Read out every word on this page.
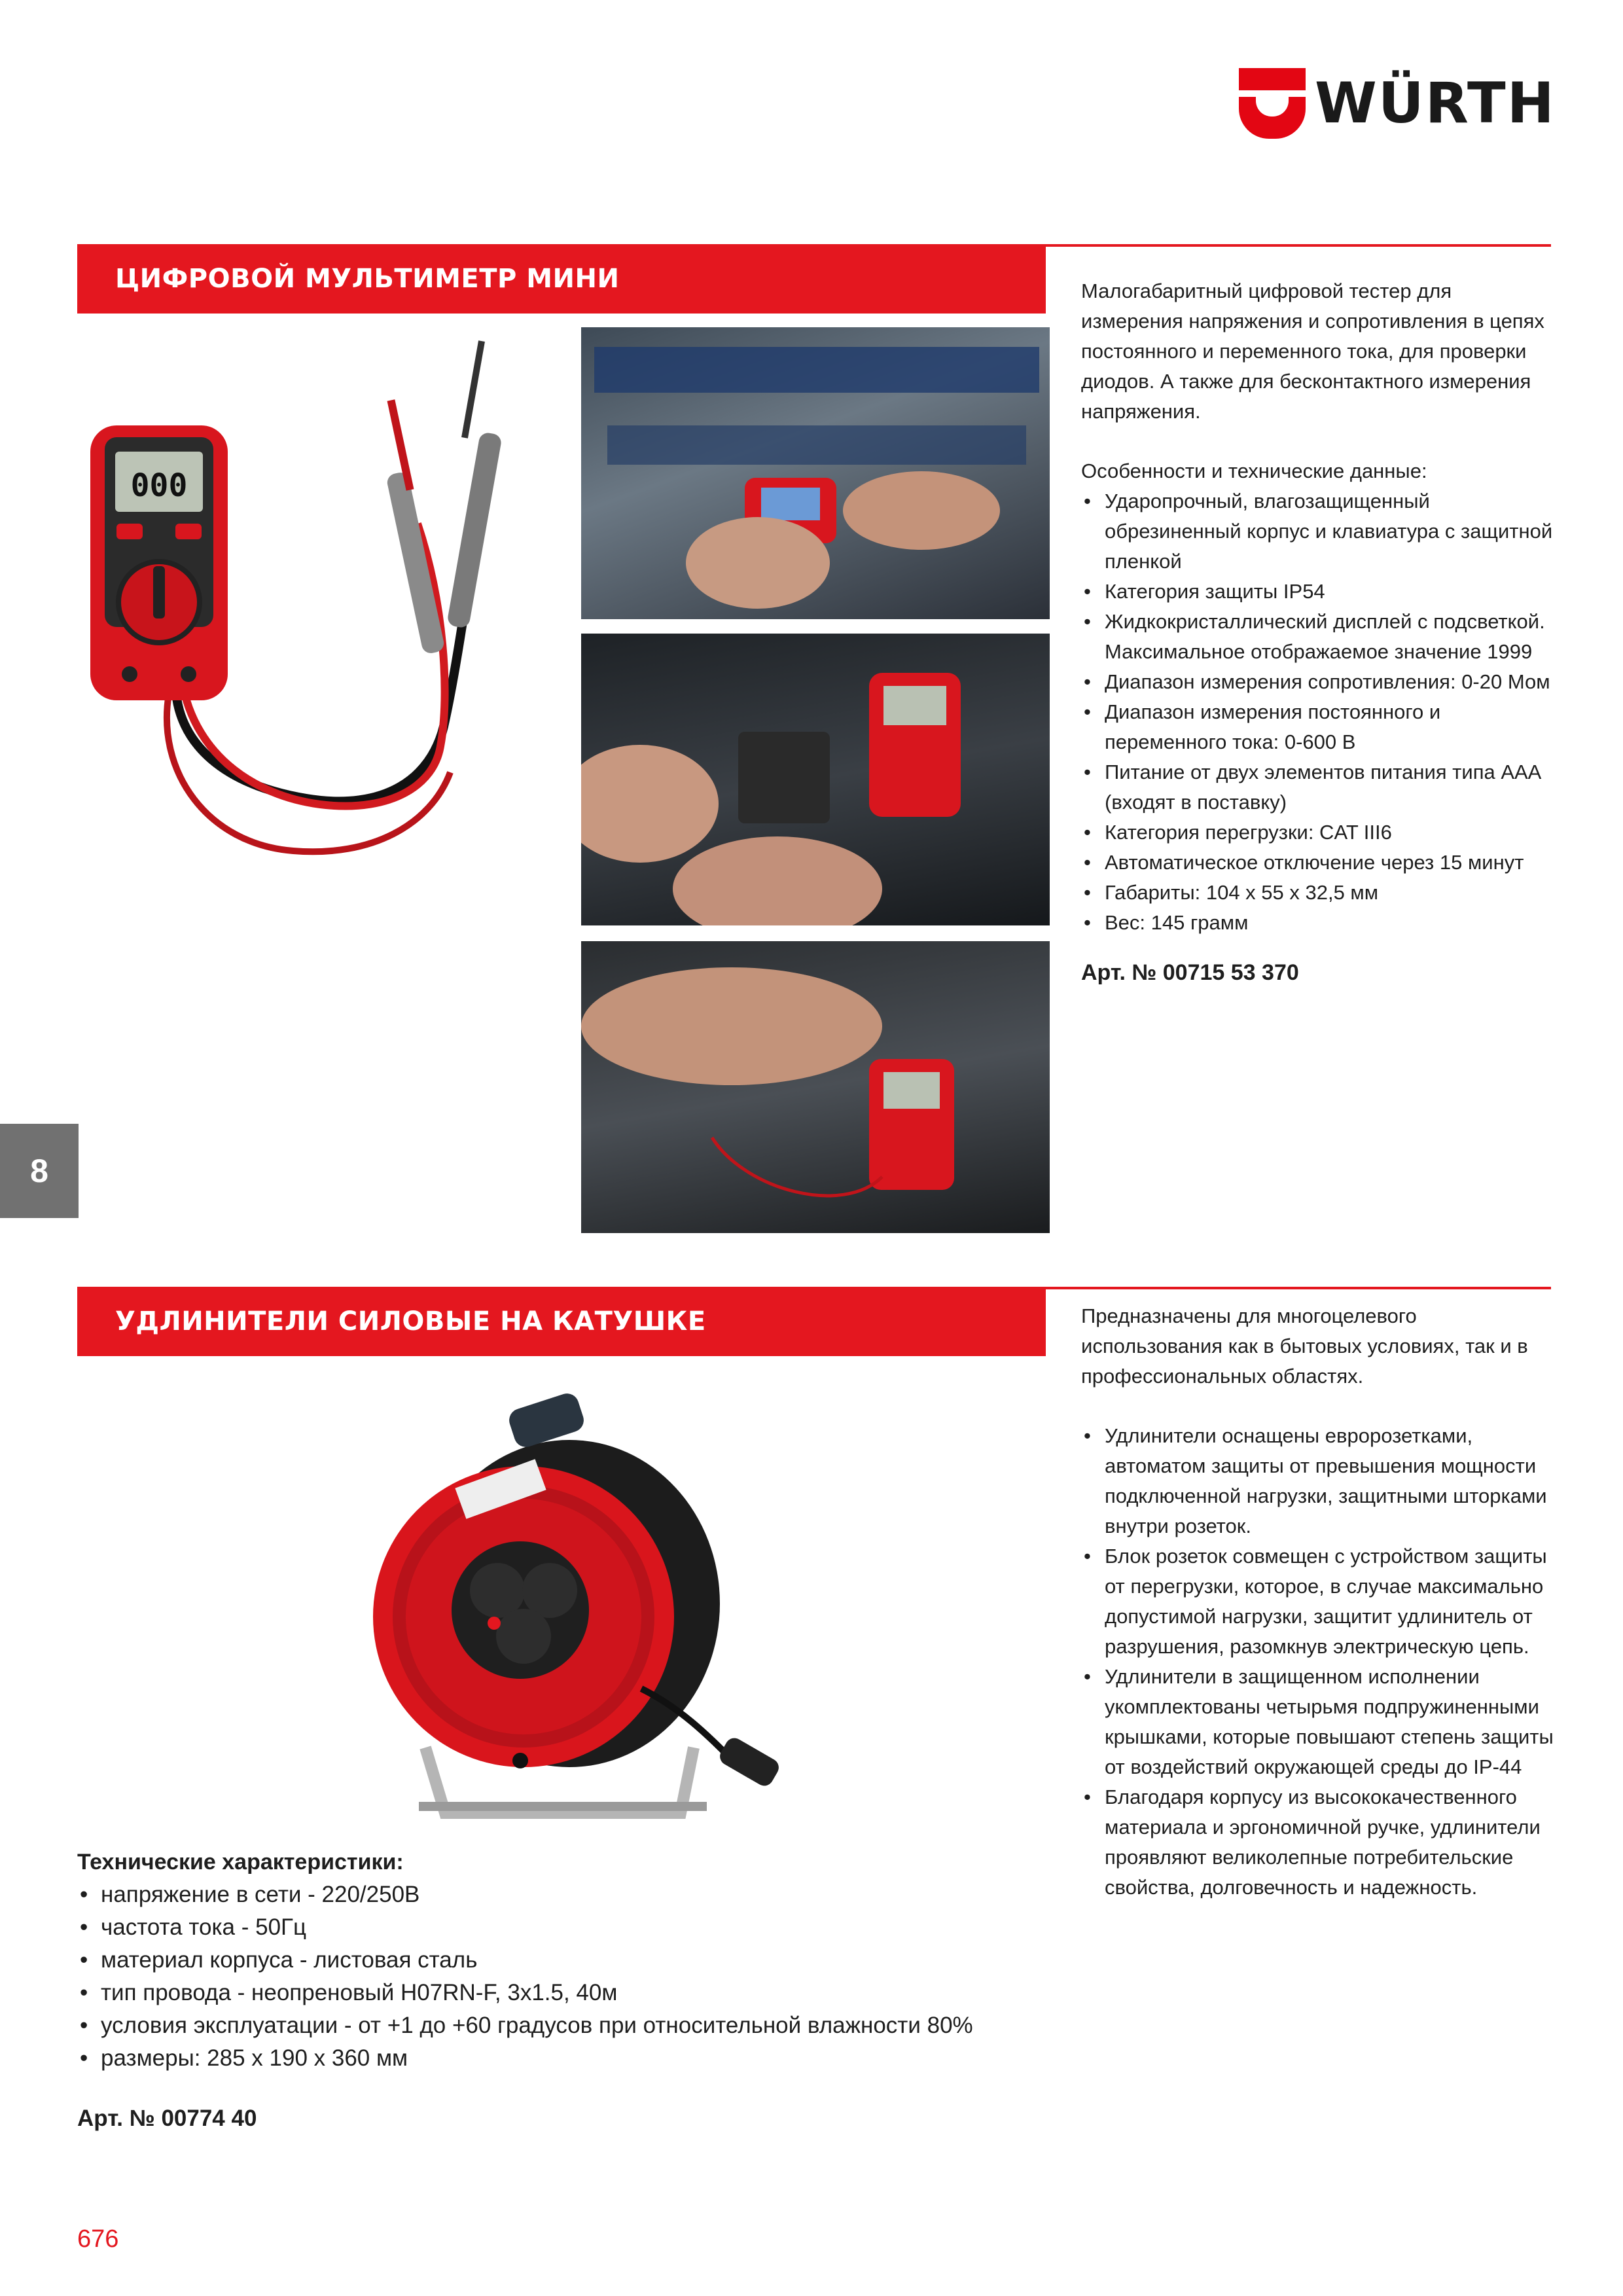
WÜRTH
ЦИФРОВОЙ МУЛЬТИМЕТР МИНИ
000

Малогабаритный цифровой тестер для измерения напряжения и сопротивления в цепях постоянного и переменного тока, для проверки диодов. А также для бесконтактного измерения напряжения.

Особенности и технические данные:

• Ударопрочный, влагозащищенный обрезиненный корпус и клавиатура с защитной пленкой
• Категория защиты IP54
• Жидкокристаллический дисплей с подсветкой. Максимальное отображаемое значение 1999
• Диапазон измерения сопротивления: 0-20 Мом
• Диапазон измерения постоянного и переменного тока: 0-600 В
• Питание от двух элементов питания типа ААА (входят в поставку)
• Категория перегрузки: CAT III6
• Автоматическое отключение через 15 минут
• Габариты: 104 х 55 х 32,5 мм
• Вес: 145 грамм

Арт. № 00715 53 370

8
УДЛИНИТЕЛИ СИЛОВЫЕ НА КАТУШКЕ	Предназначены для многоцелевого использования как в бытовых условиях, так и в профессиональных областях.

• Удлинители оснащены евророзетками, автоматом защиты от превышения мощности подключенной нагрузки, защитными шторками внутри розеток.
• Блок розеток совмещен с устройством защиты от перегрузки, которое, в случае максимально допустимой нагрузки, защитит удлинитель от разрушения, разомкнув электрическую цепь.
• Удлинители в защищенном исполнении укомплектованы четырьмя подпружиненными крышками, которые повышают степень защиты от воздействий окружающей среды до IP-44
• Благодаря корпусу из высококачественного материала и эргономичной ручке, удлинители проявляют великолепные потребительские свойства, долговечность и надежность.
Технические характеристики:
• напряжение в сети - 220/250В
• частота тока - 50Гц
• материал корпуса - листовая сталь
• тип провода - неопреновый H07RN-F, 3x1.5, 40м
• условия эксплуатации - от +1 до +60 градусов при относительной влажности 80%
• размеры: 285 х 190 х 360 мм

Арт. № 00774 40

676
